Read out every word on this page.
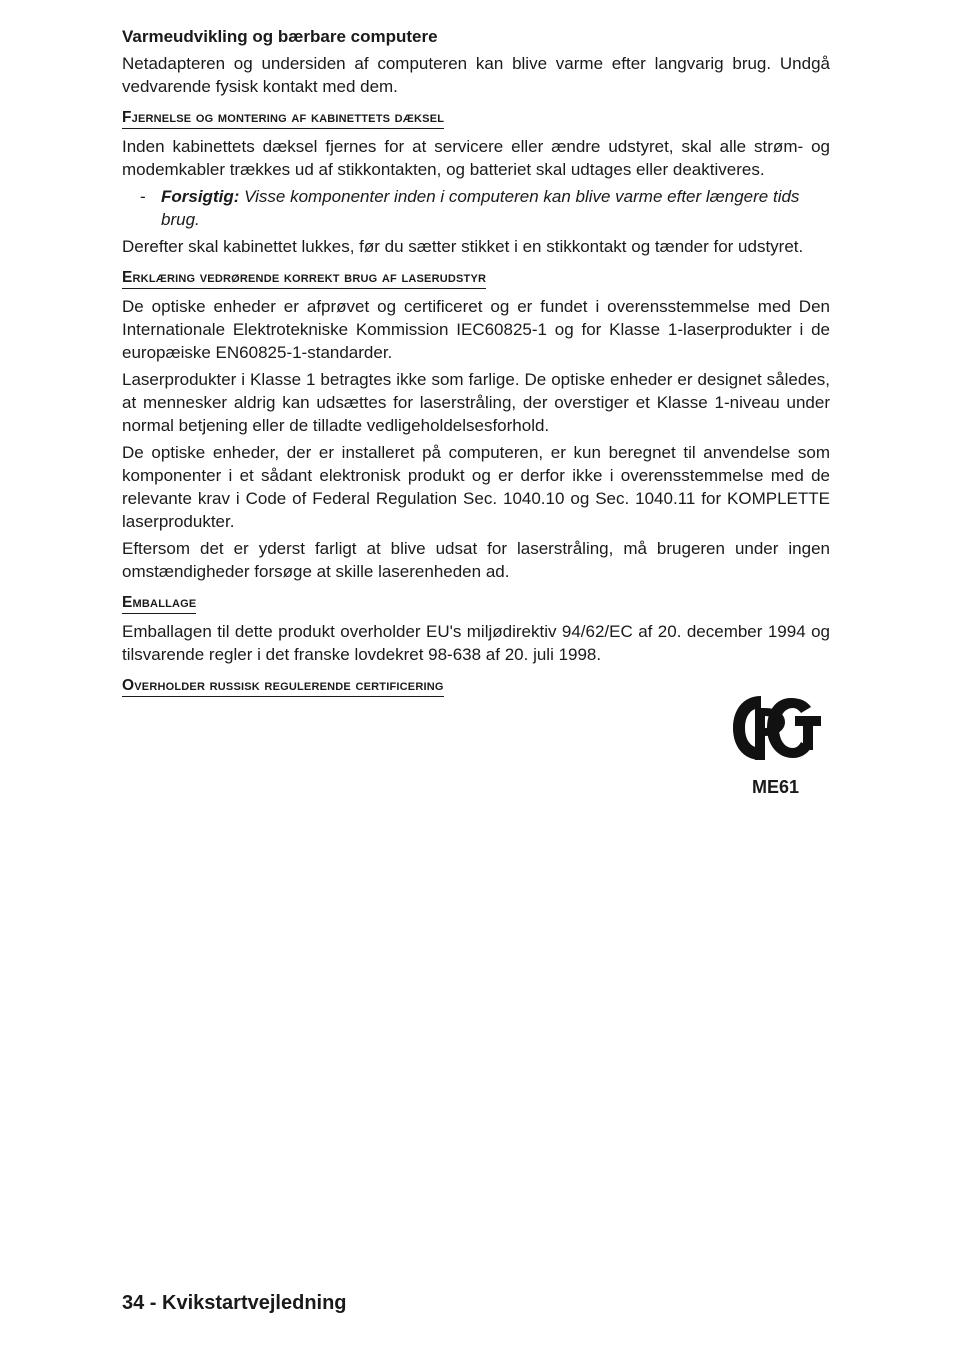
Varmeudvikling og bærbare computere

Netadapteren og undersiden af computeren kan blive varme efter langvarig brug. Undgå vedvarende fysisk kontakt med dem.

Fjernelse og montering af kabinettets dæksel

Inden kabinettets dæksel fjernes for at servicere eller ændre udstyret, skal alle strøm- og modemkabler trækkes ud af stikkontakten, og batteriet skal udtages eller deaktiveres.

- Forsigtig: Visse komponenter inden i computeren kan blive varme efter længere tids brug.

Derefter skal kabinettet lukkes, før du sætter stikket i en stikkontakt og tænder for udstyret.

Erklæring vedrørende korrekt brug af laserudstyr

De optiske enheder er afprøvet og certificeret og er fundet i overensstemmelse med Den Internationale Elektrotekniske Kommission IEC60825-1 og for Klasse 1-laserprodukter i de europæiske EN60825-1-standarder.

Laserprodukter i Klasse 1 betragtes ikke som farlige. De optiske enheder er designet således, at mennesker aldrig kan udsættes for laserstråling, der overstiger et Klasse 1-niveau under normal betjening eller de tilladte vedligeholdelsesforhold.

De optiske enheder, der er installeret på computeren, er kun beregnet til anvendelse som komponenter i et sådant elektronisk produkt og er derfor ikke i overensstemmelse med de relevante krav i Code of Federal Regulation Sec. 1040.10 og Sec. 1040.11 for KOMPLETTE laserprodukter.

Eftersom det er yderst farligt at blive udsat for laserstråling, må brugeren under ingen omstændigheder forsøge at skille laserenheden ad.

Emballage

Emballagen til dette produkt overholder EU's miljødirektiv 94/62/EC af 20. december 1994 og tilsvarende regler i det franske lovdekret 98-638 af 20. juli 1998.

Overholder russisk regulerende certificering
ME61
34 - Kvikstartvejledning
